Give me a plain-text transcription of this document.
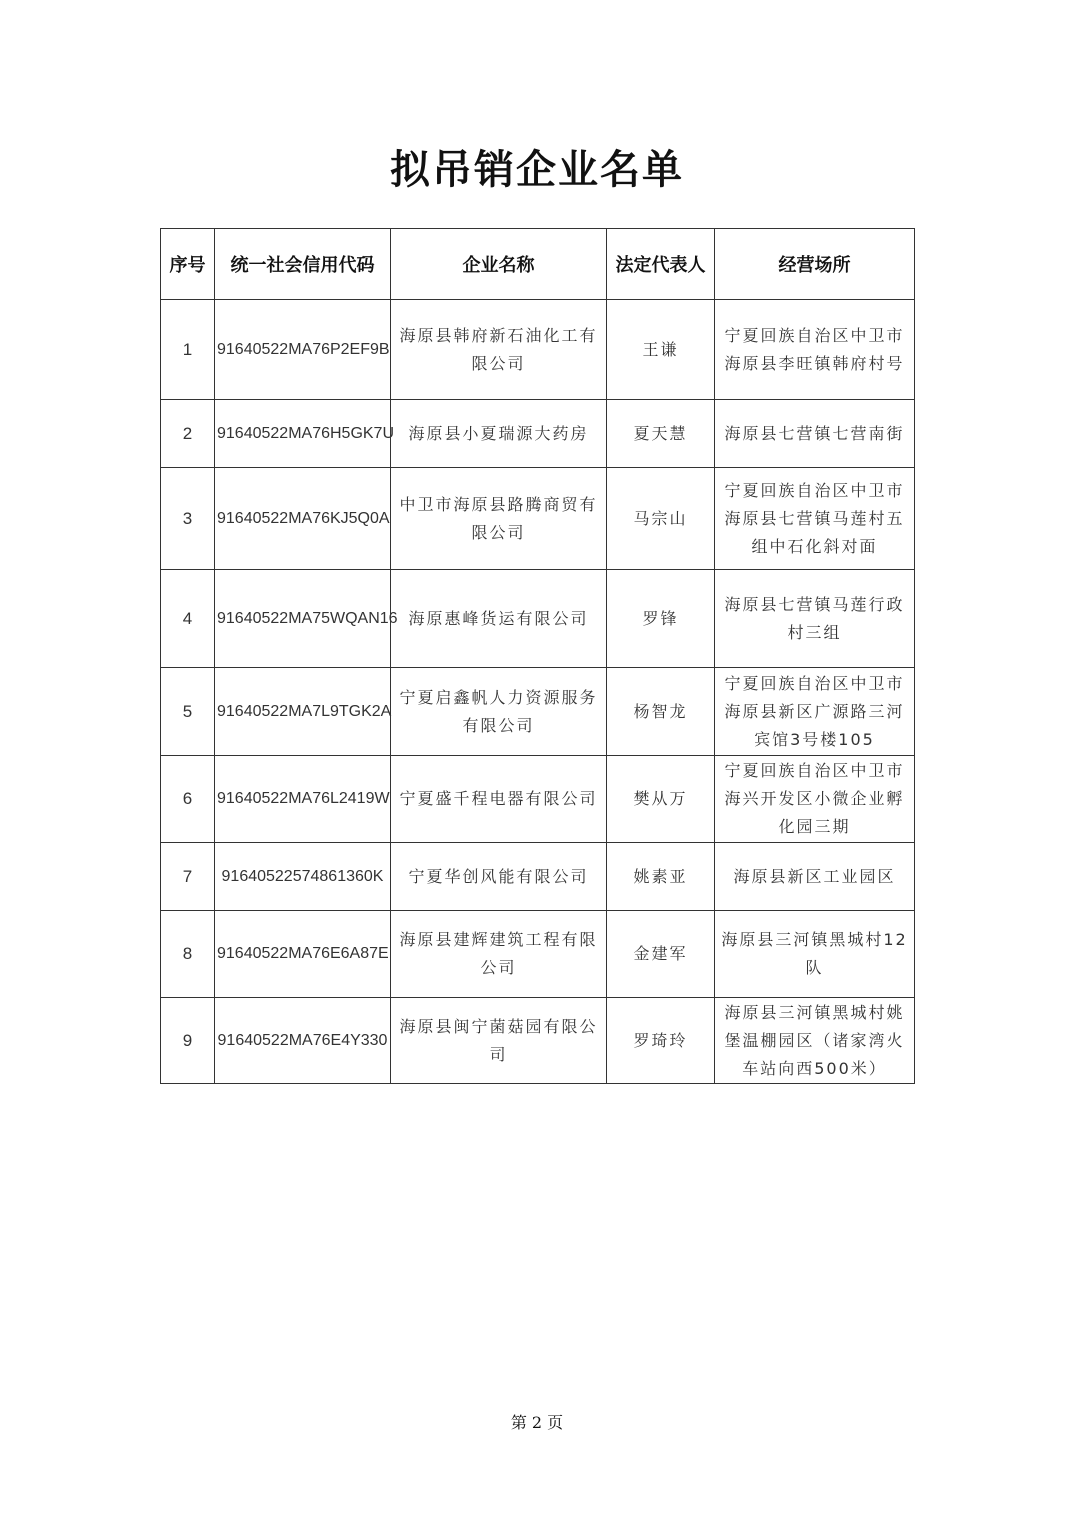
拟吊销企业名单
序号	统一社会信用代码	企业名称	法定代表人	经营场所
1	91640522MA76P2EF9B	海原县韩府新石油化工有限公司	王谦	宁夏回族自治区中卫市海原县李旺镇韩府村号
2	91640522MA76H5GK7U	海原县小夏瑞源大药房	夏天慧	海原县七营镇七营南街
3	91640522MA76KJ5Q0A	中卫市海原县路腾商贸有限公司	马宗山	宁夏回族自治区中卫市海原县七营镇马莲村五组中石化斜对面
4	91640522MA75WQAN16	海原惠峰货运有限公司	罗锋	海原县七营镇马莲行政村三组
5	91640522MA7L9TGK2A	宁夏启鑫帆人力资源服务有限公司	杨智龙	宁夏回族自治区中卫市海原县新区广源路三河宾馆3号楼105
6	91640522MA76L2419W	宁夏盛千程电器有限公司	樊从万	宁夏回族自治区中卫市海兴开发区小微企业孵化园三期
7	91640522574861360K	宁夏华创风能有限公司	姚素亚	海原县新区工业园区
8	91640522MA76E6A87E	海原县建辉建筑工程有限公司	金建军	海原县三河镇黑城村12队
9	91640522MA76E4Y330	海原县闽宁菌菇园有限公司	罗琦玲	海原县三河镇黑城村姚堡温棚园区（诸家湾火车站向西500米）
第 2 页
